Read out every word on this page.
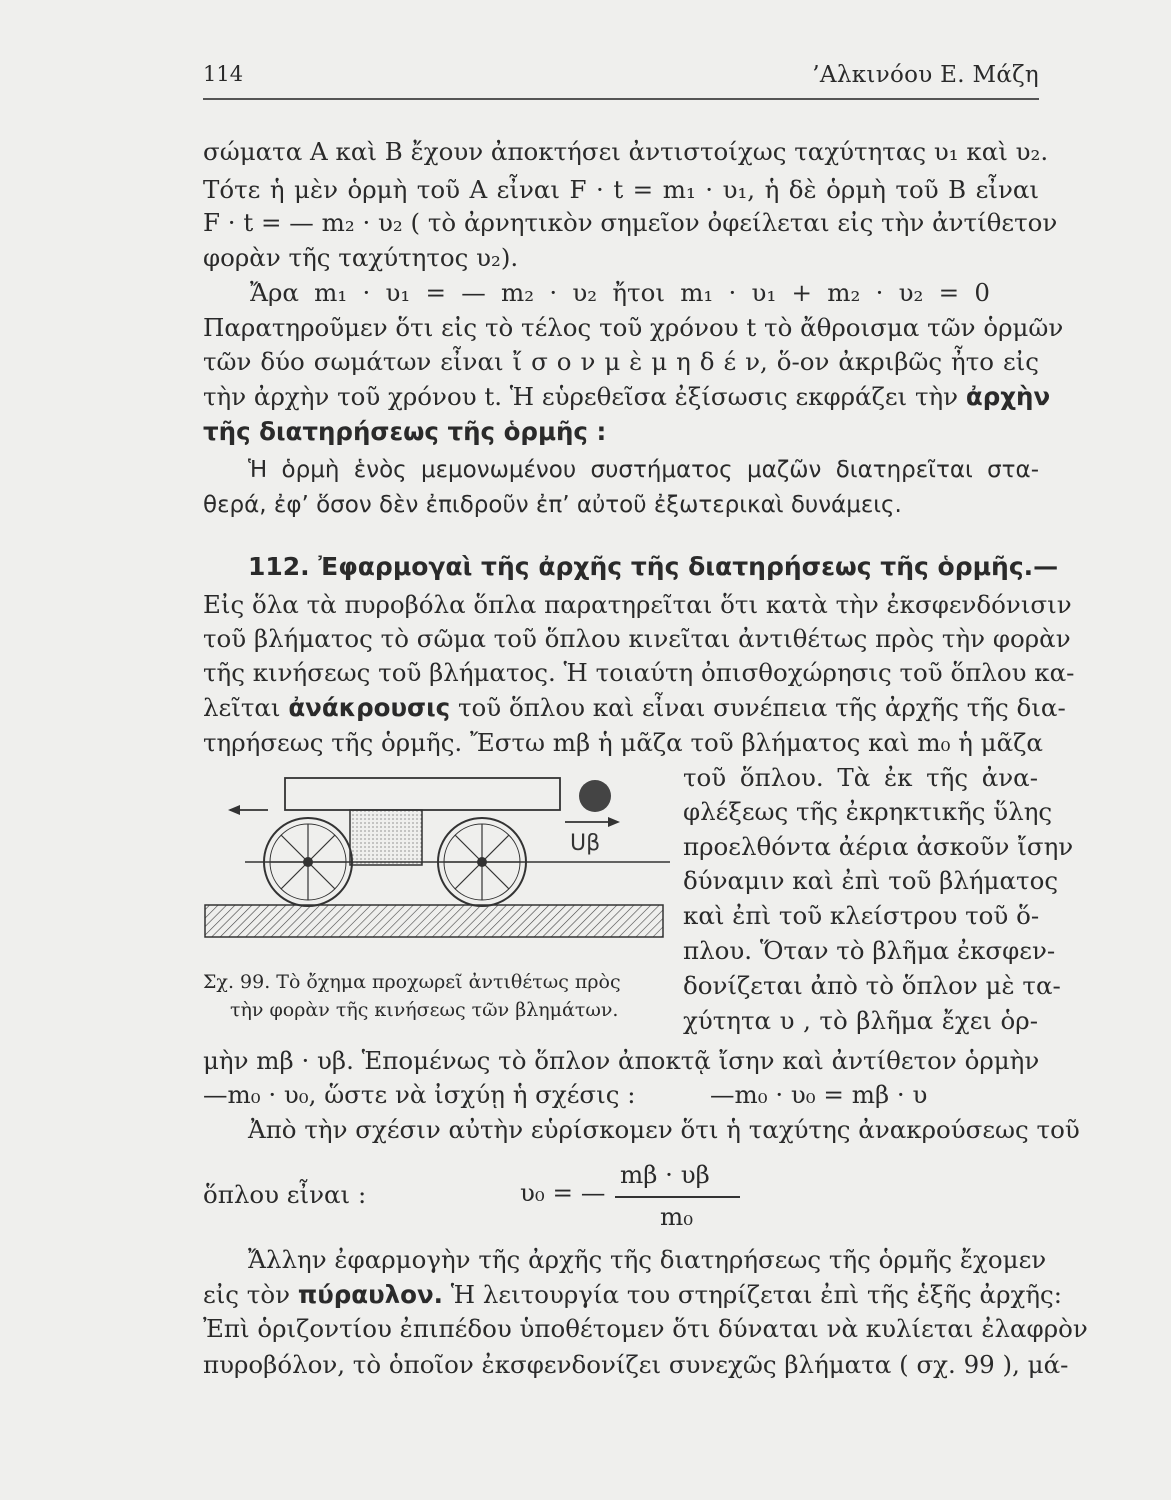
114	’Αλκινόου Ε. Μάζη
σώματα Α καὶ Β ἔχουν ἀποκτήσει ἀντιστοίχως ταχύτητας υ₁ καὶ υ₂.
Τότε ἡ μὲν ὁρμὴ τοῦ Α εἶναι F · t = m₁ · υ₁, ἡ δὲ ὁρμὴ τοῦ Β εἶναι
F · t = — m₂ · υ₂ ( τὸ ἀρνητικὸν σημεῖον ὀφείλεται εἰς τὴν ἀντίθετον
φορὰν τῆς ταχύτητος υ₂).
Ἄρα m₁ · υ₁ = — m₂ · υ₂ ἤτοι m₁ · υ₁ + m₂ · υ₂ = 0
Παρατηροῦμεν ὅτι εἰς τὸ τέλος τοῦ χρόνου t τὸ ἄθροισμα τῶν ὁρμῶν
τῶν δύο σωμάτων εἶναι ἴ σ ο ν μ ὲ μ η δ έ ν, ὅ-ον ἀκριβῶς ἦτο εἰς
τὴν ἀρχὴν τοῦ χρόνου t. Ἡ εὑρεθεῖσα ἐξίσωσις εκφράζει τὴν ἀρχὴν
τῆς διατηρήσεως τῆς ὁρμῆς :
Ἡ ὁρμὴ ἑνὸς μεμονωμένου συστήματος μαζῶν διατηρεῖται στα-
θερά, ἐφ’ ὅσον δὲν ἐπιδροῦν ἐπ’ αὐτοῦ ἐξωτερικαὶ δυνάμεις.
112. Ἐφαρμογαὶ τῆς ἀρχῆς τῆς διατηρήσεως τῆς ὁρμῆς.—
Εἰς ὅλα τὰ πυροβόλα ὅπλα παρατηρεῖται ὅτι κατὰ τὴν ἐκσφενδόνισιν
τοῦ βλήματος τὸ σῶμα τοῦ ὅπλου κινεῖται ἀντιθέτως πρὸς τὴν φορὰν
τῆς κινήσεως τοῦ βλήματος. Ἡ τοιαύτη ὀπισθοχώρησις τοῦ ὅπλου κα-
λεῖται ἀνάκρουσις τοῦ ὅπλου καὶ εἶναι συνέπεια τῆς ἀρχῆς τῆς δια-
τηρήσεως τῆς ὁρμῆς. Ἔστω mβ ἡ μᾶζα τοῦ βλήματος καὶ m₀ ἡ μᾶζα
τοῦ ὅπλου. Τὰ ἐκ τῆς ἀνα-
φλέξεως τῆς ἐκρηκτικῆς ὕλης
προελθόντα ἀέρια ἀσκοῦν ἴσην
δύναμιν καὶ ἐπὶ τοῦ βλήματος
καὶ ἐπὶ τοῦ κλείστρου τοῦ ὅ-
πλου. Ὅταν τὸ βλῆμα ἐκσφεν-
δονίζεται ἀπὸ τὸ ὅπλον μὲ τα-
χύτητα υ , τὸ βλῆμα ἔχει ὁρ-
Uβ
Σχ. 99. Τὸ ὄχημα προχωρεῖ ἀντιθέτως πρὸς
τὴν φορὰν τῆς κινήσεως τῶν βλημάτων.
μὴν mβ · υβ. Ἑπομένως τὸ ὅπλον ἀποκτᾷ ἴσην καὶ ἀντίθετον ὁρμὴν
—m₀ · υ₀, ὥστε νὰ ἰσχύῃ ἡ σχέσις :	—m₀ · υ₀ = mβ · υ
Ἀπὸ τὴν σχέσιν αὐτὴν εὑρίσκομεν ὅτι ἡ ταχύτης ἀνακρούσεως τοῦ
ὅπλου εἶναι :	υ₀ = —
mβ · υβ
m₀
Ἄλλην ἐφαρμογὴν τῆς ἀρχῆς τῆς διατηρήσεως τῆς ὁρμῆς ἔχομεν
εἰς τὸν πύραυλον. Ἡ λειτουργία του στηρίζεται ἐπὶ τῆς ἑξῆς ἀρχῆς:
Ἐπὶ ὁριζοντίου ἐπιπέδου ὑποθέτομεν ὅτι δύναται νὰ κυλίεται ἐλαφρὸν
πυροβόλον, τὸ ὁποῖον ἐκσφενδονίζει συνεχῶς βλήματα ( σχ. 99 ), μά-
